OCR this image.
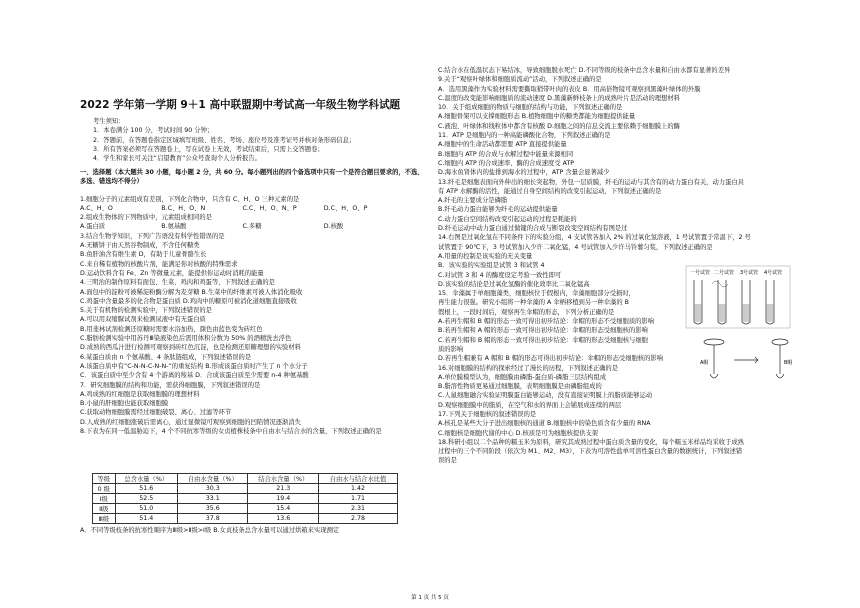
2022 学年第一学期 9＋1 高中联盟期中考试高一年级生物学科试题
考生须知：
1．本卷满分 100 分，考试时间 90 分钟；
2．答题前，在答题卷指定区域填写班级、姓名、考场、座位号及准考证号并核对条形码信息；
3．所有答案必须写在答题卷上，写在试卷上无效，考试结束后，只需上交答题卷；
4．学生和家长可关注“启望教育”公众号查询个人分析报告。
一、选择题（本大题共 30 小题，每小题 2 分，共 60 分。每小题列出的四个备选项中只有一个是符合题目要求的，不选、多选、错选均不得分）
1.细胞分子的元素组成有差别，下列化合物中，只含有 C、H、O 三种元素的是
A.C、H、O	B.C、H、O、N	C.C、H、O、N、P	D.C、H、O、P
2.组成生物体的下列物质中，元素组成相同的是
A.蛋白质	B.氨基酸	C.多糖	D.核酸
3.结合生物学知识，下列广告语没有科学性错误的是
A.无糖饼干由天然谷物制成，不含任何糖类
B.鱼肝油含有维生素 D，有助于儿童骨骼生长
C.来自稀有植物的核酸片剂，能满足你对核酸的特殊需求
D.运动饮料含有 Fe、Zn 等微量元素，能提供你运动时消耗的能量
4.三明治的制作原料有面包、生菜、鸡肉和鸡蛋等，下列叙述正确的是
A.面包中的淀粉可被稀淀粉酶分解为麦芽糖 B.生菜中的纤维素可被人体消化吸收
C.鸡蛋中含量最多的化合物是蛋白质 D.鸡肉中的糖原可被消化道细胞直接吸收
5.关于有机物的检测实验中，下列叙述错误的是
A.可以用双缩脲试剂来检测尿液中有无蛋白质
B.用斐林试剂检测还原糖时需要水浴加热，颜色由蓝色变为砖红色
C.脂肪检测实验中用苏丹Ⅲ染液染色后需用体积分数为 50% 的酒精洗去浮色
D.成熟的西瓜汁进行检测可观察到砖红色沉淀，也是检测还原糖理想的实验材料
6.某蛋白质由 n 个氨基酸、4 条肽链组成，下列叙述错误的是
A.该蛋白质中有“C-N-N-C-N-N-”的重复结构 B.形成该蛋白质时产生了 n 个水分子
C．该蛋白质中至少含有 4 个游离的羧基 D．合成该蛋白质至少需要 n-4 种氨基酸
7．研究细胞膜的结构和功能，需获得细胞膜，下列叙述错误的是
A.鸡成熟的红细胞是获取细胞膜的理想材料
B.小鼠的肝细胞也能获取细胞膜
C.获取动物细胞膜需经过细胞破裂、离心、过滤等环节
D.人成熟的红细胞涨破后需离心，通过显微镜可观察到细胞的凹陷情况逐渐消失
8.下表为在同一低温胁迫下，4 个不同抗寒等级的女贞植株枝条中自由水与结合水的含量，下列叙述正确的是
等级	总含水量（%）	自由水含量（%）	结合水含量（%）	自由水与结合水比值
0 级	51.6	30.3	21.3	1.42
Ⅰ级	52.5	33.1	19.4	1.71
Ⅱ级	51.0	35.6	15.4	2.31
Ⅲ级	51.4	37.8	13.6	2.78
A．不同等级枝条的抗寒性顺序为Ⅲ级>Ⅱ级>Ⅰ级 B.女贞枝条总含水量可以通过烘箱来实现测定
C.结合水在低温状态下易结冰，导致细胞脱水死亡 D.不同等级的枝条中总含水量和自由水都有显著的差异
9.关于“观察叶绿体和细胞质流动”活动，下列叙述正确的是
A．选用黑藻作为实验材料需要撕取稍带叶肉的表皮 B．用高倍物镜可观察到黑藻叶绿体的外膜
C.温度的改变能影响细胞质的流动速度 D.黑藻新鲜枝条上的成熟叶片是活动的理想材料
10．关于组成细胞的物质与细胞的结构与功能，下列叙述正确的是
A.细胞骨架可以支撑细胞形态 B.植物细胞中的糖类都能为细胞提供能量
C.液泡、叶绿体和线粒体中都含有核酸 D.细胞之间的信息交流主要依赖于细胞膜上的酶
11．ATP 是细胞内的一种高能磷酸化合物，下列叙述正确的是
A.细胞中的生命活动都需要 ATP 直接提供能量
B.细胞内 ATP 的合成与水解过程中能量来源相同
C.细胞内 ATP 的合成速率、酶的合成速度受 ATP
D.海水鱼肾体内的盐排到海水的过程中，ATP 含量会显著减少
13.纤毛是细胞表面向外伸出的细长突起物，外包一层质膜，纤毛的运动与其含有的动力蛋白有关，动力蛋白具
有 ATP 水解酶的活性，能通过自身空间结构的改变引起运动，下列叙述正确的是
A.纤毛的主要成分是磷脂
B.纤毛动力蛋白能够为纤毛的运动提供能量
C.动力蛋白空间结构改变引起运动的过程是耗能的
D.纤毛运动中动力蛋白通过做键的合成与断裂改变空间结构有图是过
14.右图是过氧化氢在不同条件下的实验分组，4 支试管各加入 2% 的过氧化氢溶液，1 号试管置于常温下，2 号
试管置于 90℃下，3 号试管加入少许二氧化锰，4 号试管加入少许马铃薯匀浆，下列叙述正确的是
A.用量的控制是该实验的无关变量
B．该实验的实验组是试管 3 和试管 4
C.对试管 3 和 4 的酶度设定考验一致性即可
D.该实验的结论是过氧化氢酶的催化效率比二氧化锰高
15．伞藻属于单细胞藻类，细胞核位于假根内，伞藻细胞部分受损时，
再生能力很强。研究小组将一种伞藻的 A 伞柄移植到另一种伞藻的 B
假根上，一段时间后，观察再生伞帽的形态，下列分析正确的是
A.若再生帽和 B 帽的形态一致可得出初步结论：伞帽的形态不受细胞质的影响
B.若再生帽和 A 帽的形态一致可得出初步结论：伞帽的形态受细胞核的影响
C.若再生帽和 B 帽的形态一致可得出初步结论：伞帽的形态受细胞核与细胞
质的影响
D.若再生帽兼有 A 帽和 B 帽的形态可得出初步结论：伞帽的形态受细胞核的影响
16.对细胞膜的结构的探索经过了漫长的历程，下列叙述正确的是
A.单位膜模型认为，细胞膜由磷脂-蛋白质-磷脂三层结构组成
B.脂溶性物质更易通过细胞膜，表明细胞膜是由磷脂组成的
C.人鼠细胞融合实验证明膜蛋白能够运动，没有直接证明膜上的脂质能够运动
D.观察细胞膜中的脂质，在空气和水的界面上会铺展成连续的两层
17.下列关于细胞核的叙述错误的是
A.核孔是某些大分子进出细胞核的通道 B.细胞核中的染色质含有少量的 RNA
C.细胞核是细胞代谢的中心 D.核质是可为细胞核提供支架
18.科研小组以二个品种的糯玉米为原料，研究其成熟过程中蛋白质含量的变化，每个糯玉米样品均采收于成熟
过程中的三个不同阶段（依次为 M1、M2、M3），下表为可溶性盐单可溶性蛋白含量的数据统计，下列叙述错
误的是
一号试管 二号试管 3号试管 4号试管
A帽	B帽
第 1 页 共 5 页
